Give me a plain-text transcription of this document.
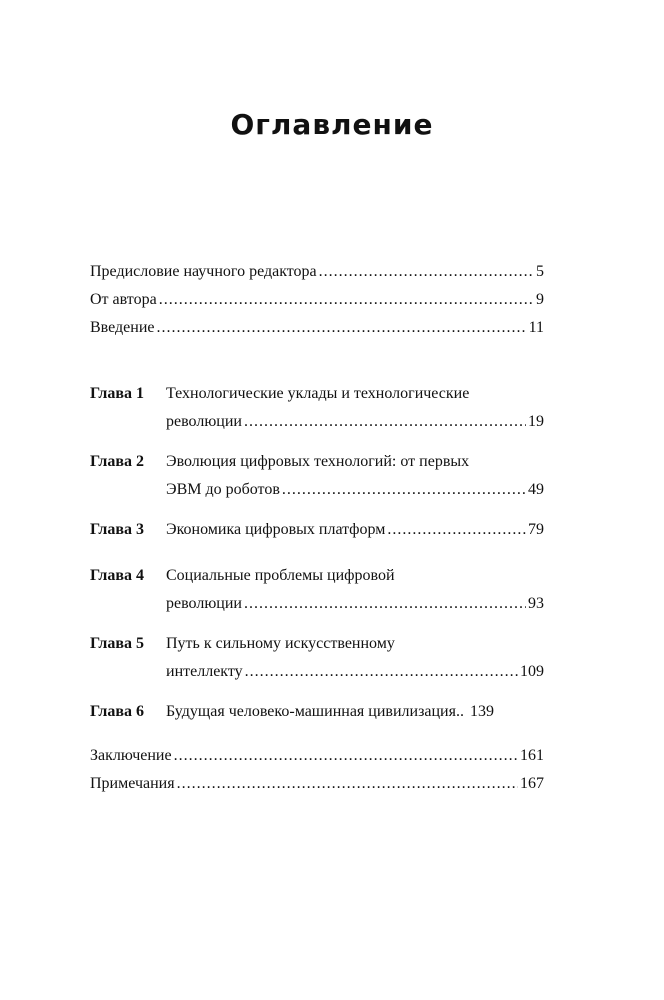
Оглавление
Предисловие научного редактора .....	5
От автора .....	9
Введение .....	11
Глава 1	Технологические уклады и технологические
революции .....	19
Глава 2	Эволюция цифровых технологий: от первых
ЭВМ до роботов .....	49
Глава 3	Экономика цифровых платформ .....	79
Глава 4	Социальные проблемы цифровой
революции .....	93
Глава 5	Путь к сильному искусственному
интеллекту .....	109
Глава 6	Будущая человеко-машинная цивилизация.. 139
Заключение .....	161
Примечания .....	167
